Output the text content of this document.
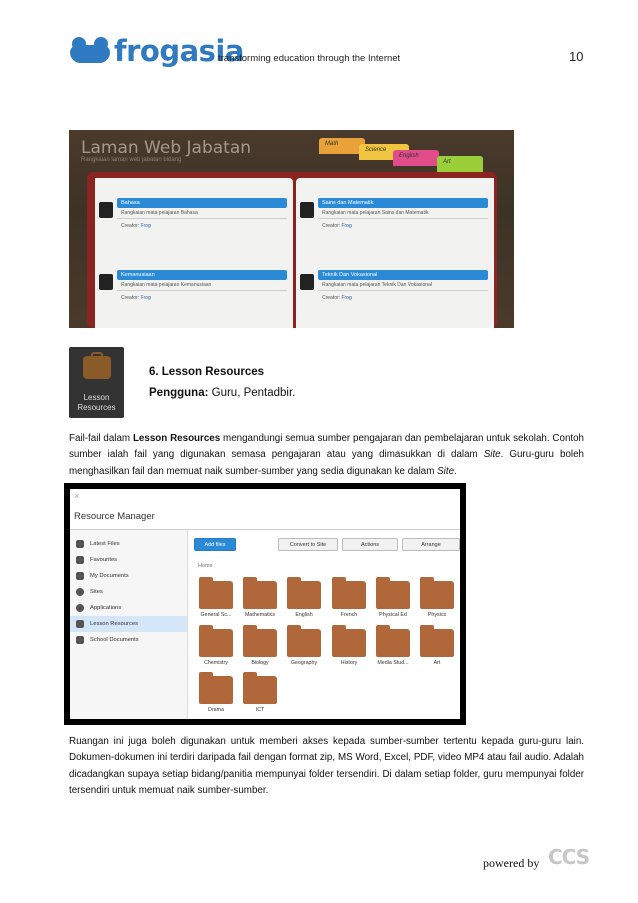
frogasia
transforming education through the Internet	10
Laman Web Jabatan
Rangkaian laman web jabatan bidang
Math
Science
English
Art
Bahasa
Rangkaian mata pelajaran Bahasa
Creator: Frog
Kemanusiaan
Rangkaian mata pelajaran Kemanusiaan
Creator: Frog
Sains dan Matematik
Rangkaian mata pelajaran Sains dan Matematik
Creator: Frog
Teknik Dan Vokasional
Rangkaian mata pelajaran Teknik Dan Vokasional
Creator: Frog
Lesson
Resources
6. Lesson Resources
Pengguna: Guru, Pentadbir.
Fail-fail dalam Lesson Resources mengandungi semua sumber pengajaran dan pembelajaran untuk sekolah. Contoh sumber ialah fail yang digunakan semasa pengajaran atau yang dimasukkan di dalam Site. Guru-guru boleh menghasilkan fail dan memuat naik sumber-sumber yang sedia digunakan ke dalam Site.
×
Resource Manager
Latest Files
Favourites
My Documents
Sites
Applications
Lesson Resources
School Documents
Add files	Convert to Site	Actions	Arrange
Home
General Sc...	Mathematics	English	French	Physical Ed	Physics
Chemistry	Biology	Geography	History	Media Stud...	Art
Drama	ICT
Ruangan ini juga boleh digunakan untuk memberi akses kepada sumber-sumber tertentu kepada guru-guru lain. Dokumen-dokumen ini terdiri daripada fail dengan format zip, MS Word, Excel, PDF, video MP4 atau fail audio. Adalah dicadangkan supaya setiap bidang/panitia mempunyai folder tersendiri. Di dalam setiap folder, guru mempunyai folder tersendiri untuk memuat naik sumber-sumber.
powered by CCS
